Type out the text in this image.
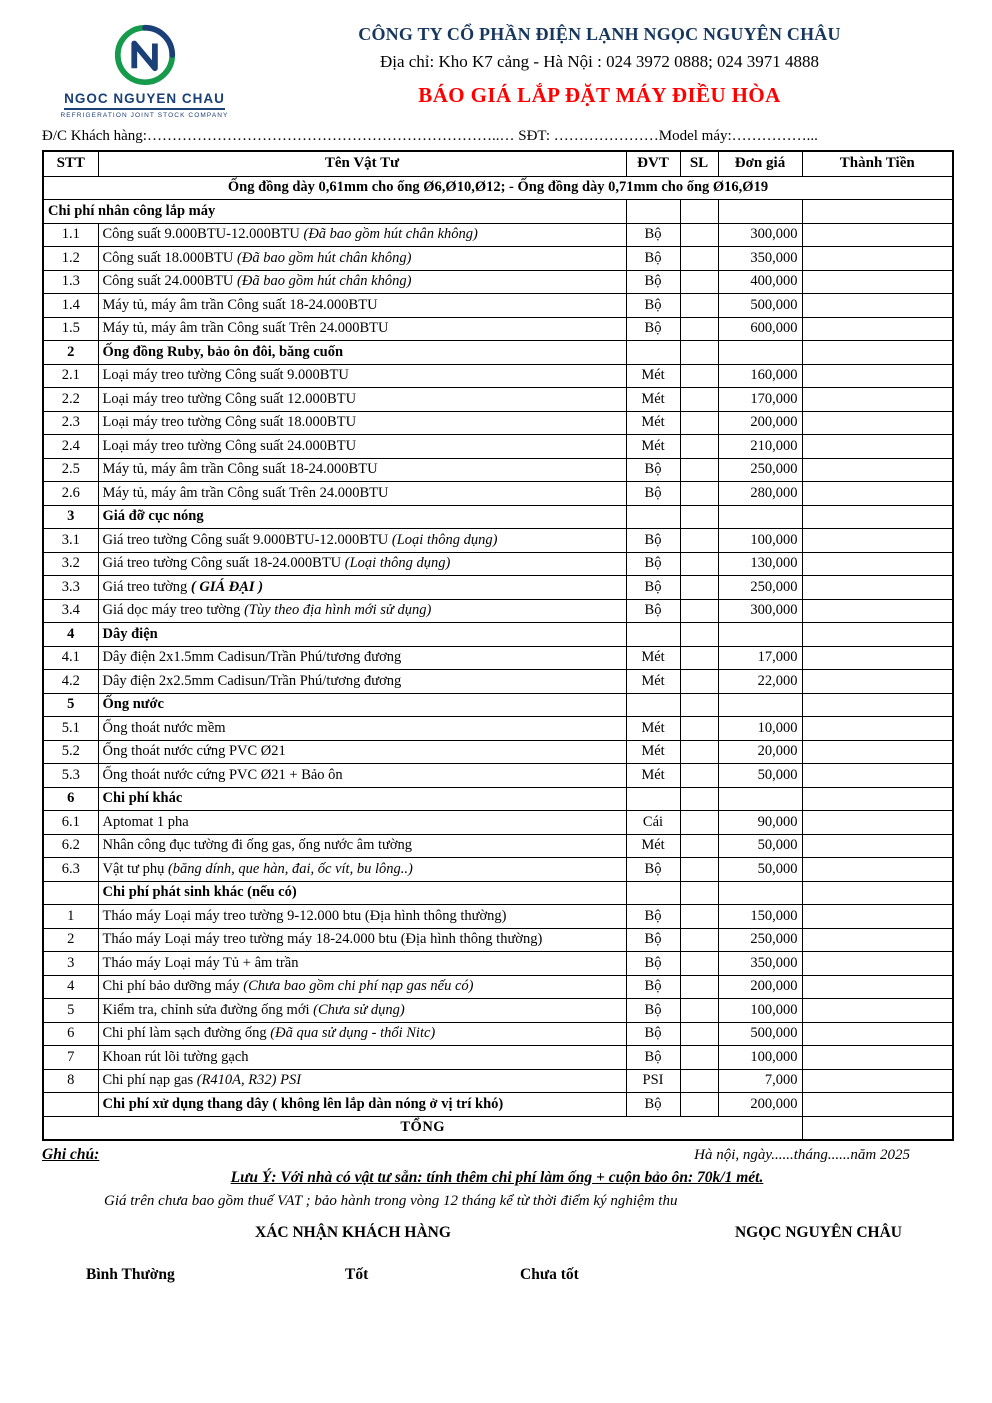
NGOC NGUYEN CHAU
REFRIGERATION JOINT STOCK COMPANY
CÔNG TY CỔ PHẦN ĐIỆN LẠNH NGỌC NGUYÊN CHÂU
Địa chỉ: Kho K7 cảng - Hà Nội : 024 3972 0888; 024 3971 4888
BÁO GIÁ LẮP ĐẶT MÁY ĐIỀU HÒA
Đ/C Khách hàng:……………………………………………………………..… SĐT: …………………Model máy:……………...
STT	Tên Vật Tư	ĐVT	SL	Đơn giá	Thành Tiền
Ống đồng dày 0,61mm cho ống Ø6,Ø10,Ø12; - Ống đồng dày 0,71mm cho ống Ø16,Ø19					
Chi phí nhân công lắp máy					
1.1	Công suất 9.000BTU-12.000BTU (Đã bao gồm hút chân không)	Bộ		300,000	
1.2	Công suất 18.000BTU (Đã bao gồm hút chân không)	Bộ		350,000	
1.3	Công suất 24.000BTU (Đã bao gồm hút chân không)	Bộ		400,000	
1.4	Máy tủ, máy âm trần Công suất 18-24.000BTU	Bộ		500,000	
1.5	Máy tủ, máy âm trần Công suất Trên 24.000BTU	Bộ		600,000	
2	Ống đồng Ruby, bảo ôn đôi, băng cuốn				
2.1	Loại máy treo tường Công suất 9.000BTU	Mét		160,000	
2.2	Loại máy treo tường Công suất 12.000BTU	Mét		170,000	
2.3	Loại máy treo tường Công suất 18.000BTU	Mét		200,000	
2.4	Loại máy treo tường Công suất 24.000BTU	Mét		210,000	
2.5	Máy tủ, máy âm trần Công suất 18-24.000BTU	Bộ		250,000	
2.6	Máy tủ, máy âm trần Công suất Trên 24.000BTU	Bộ		280,000	
3	Giá đỡ cục nóng				
3.1	Giá treo tường Công suất 9.000BTU-12.000BTU (Loại thông dụng)	Bộ		100,000	
3.2	Giá treo tường Công suất 18-24.000BTU (Loại thông dụng)	Bộ		130,000	
3.3	Giá treo tường ( GIÁ ĐẠI )	Bộ		250,000	
3.4	Giá dọc máy treo tường (Tùy theo địa hình mới sử dụng)	Bộ		300,000	
4	Dây điện				
4.1	Dây điện 2x1.5mm Cadisun/Trần Phú/tương đương	Mét		17,000	
4.2	Dây điện 2x2.5mm Cadisun/Trần Phú/tương đương	Mét		22,000	
5	Ống nước				
5.1	Ống thoát nước mềm	Mét		10,000	
5.2	Ống thoát nước cứng PVC Ø21	Mét		20,000	
5.3	Ống thoát nước cứng PVC Ø21 + Bảo ôn	Mét		50,000	
6	Chi phí khác				
6.1	Aptomat 1 pha	Cái		90,000	
6.2	Nhân công đục tường đi ống gas, ống nước âm tường	Mét		50,000	
6.3	Vật tư phụ (băng dính, que hàn, đai, ốc vít, bu lông..)	Bộ		50,000	
	Chi phí phát sinh khác (nếu có)				
1	Tháo máy Loại máy treo tường 9-12.000 btu (Địa hình thông thường)	Bộ		150,000	
2	Tháo máy Loại máy treo tường máy 18-24.000 btu (Địa hình thông thường)	Bộ		250,000	
3	Tháo máy Loại máy Tủ + âm trần	Bộ		350,000	
4	Chi phí bảo dưỡng máy (Chưa bao gồm chi phí nạp gas nếu có)	Bộ		200,000	
5	Kiểm tra, chỉnh sửa đường ống mới (Chưa sử dụng)	Bộ		100,000	
6	Chi phí làm sạch đường ống (Đã qua sử dụng - thổi Nitc)	Bộ		500,000	
7	Khoan rút lõi tường gạch	Bộ		100,000	
8	Chi phí nạp gas (R410A, R32) PSI	PSI		7,000	
	Chi phí xử dụng thang dây ( không lên lắp dàn nóng ở vị trí khó)	Bộ		200,000	
TỔNG					
Ghi chú:	Hà nội, ngày......tháng......năm 2025
Lưu Ý: Với nhà có vật tư sẵn: tính thêm chi phí làm ống + cuộn bảo ôn: 70k/1 mét.
Giá trên chưa bao gồm thuế VAT ; bảo hành trong vòng 12 tháng kể từ thời điểm ký nghiệm thu
XÁC NHẬN KHÁCH HÀNG	NGỌC NGUYÊN CHÂU
Bình Thường	Tốt	Chưa tốt
